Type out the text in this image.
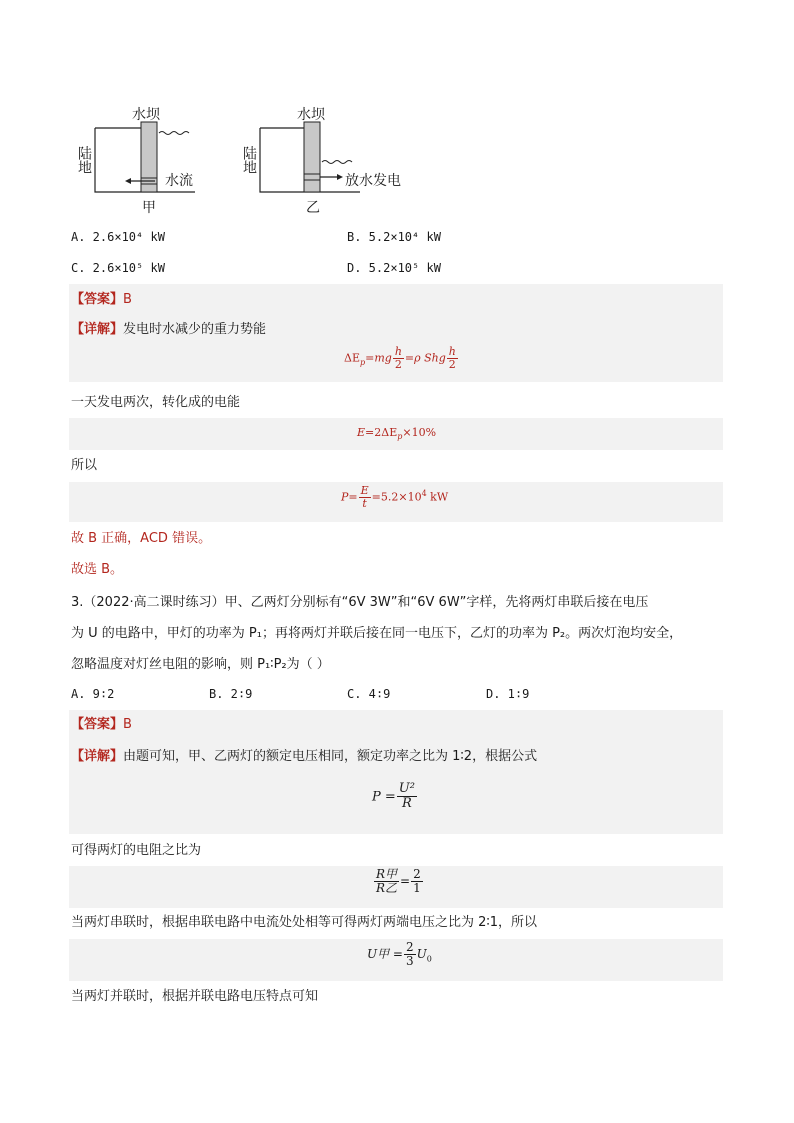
水坝
陆地
水流
甲
水坝
陆地
放水发电
乙
A. 2.6×10⁴ kW	B. 5.2×10⁴ kW
C. 2.6×10⁵ kW	D. 5.2×10⁵ kW
【答案】B
【详解】发电时水减少的重力势能
$\Delta E_p=mg \frac{h}{2} =\rho$ Shg $\frac{h}{2}$
一天发电两次，转化成的电能
$E=2\Delta E_p\times 10\%$
所以
$P= \frac{E}{t} =5.2\times 10^4$ kW
故 B 正确，ACD 错误。
故选 B。
3.（2022·高二课时练习）甲、乙两灯分别标有“6V 3W”和“6V 6W”字样，先将两灯串联后接在电压
为 U 的电路中，甲灯的功率为 P₁；再将两灯并联后接在同一电压下，乙灯的功率为 P₂。两次灯泡均安全，
忽略温度对灯丝电阻的影响，则 P₁∶P₂为（ ）
A. 9∶2	B. 2∶9	C. 4∶9	D. 1∶9
【答案】B
【详解】由题可知，甲、乙两灯的额定电压相同，额定功率之比为 1∶2，根据公式
$P = \frac{\text{U²}}{R}$
可得两灯的电阻之比为
$\frac{\text{R甲}}{\text{R乙}} = \frac{2}{1}$
当两灯串联时，根据串联电路中电流处处相等可得两灯两端电压之比为 2∶1，所以
U甲 = $\frac{2}{3} U_0$
当两灯并联时，根据并联电路电压特点可知
